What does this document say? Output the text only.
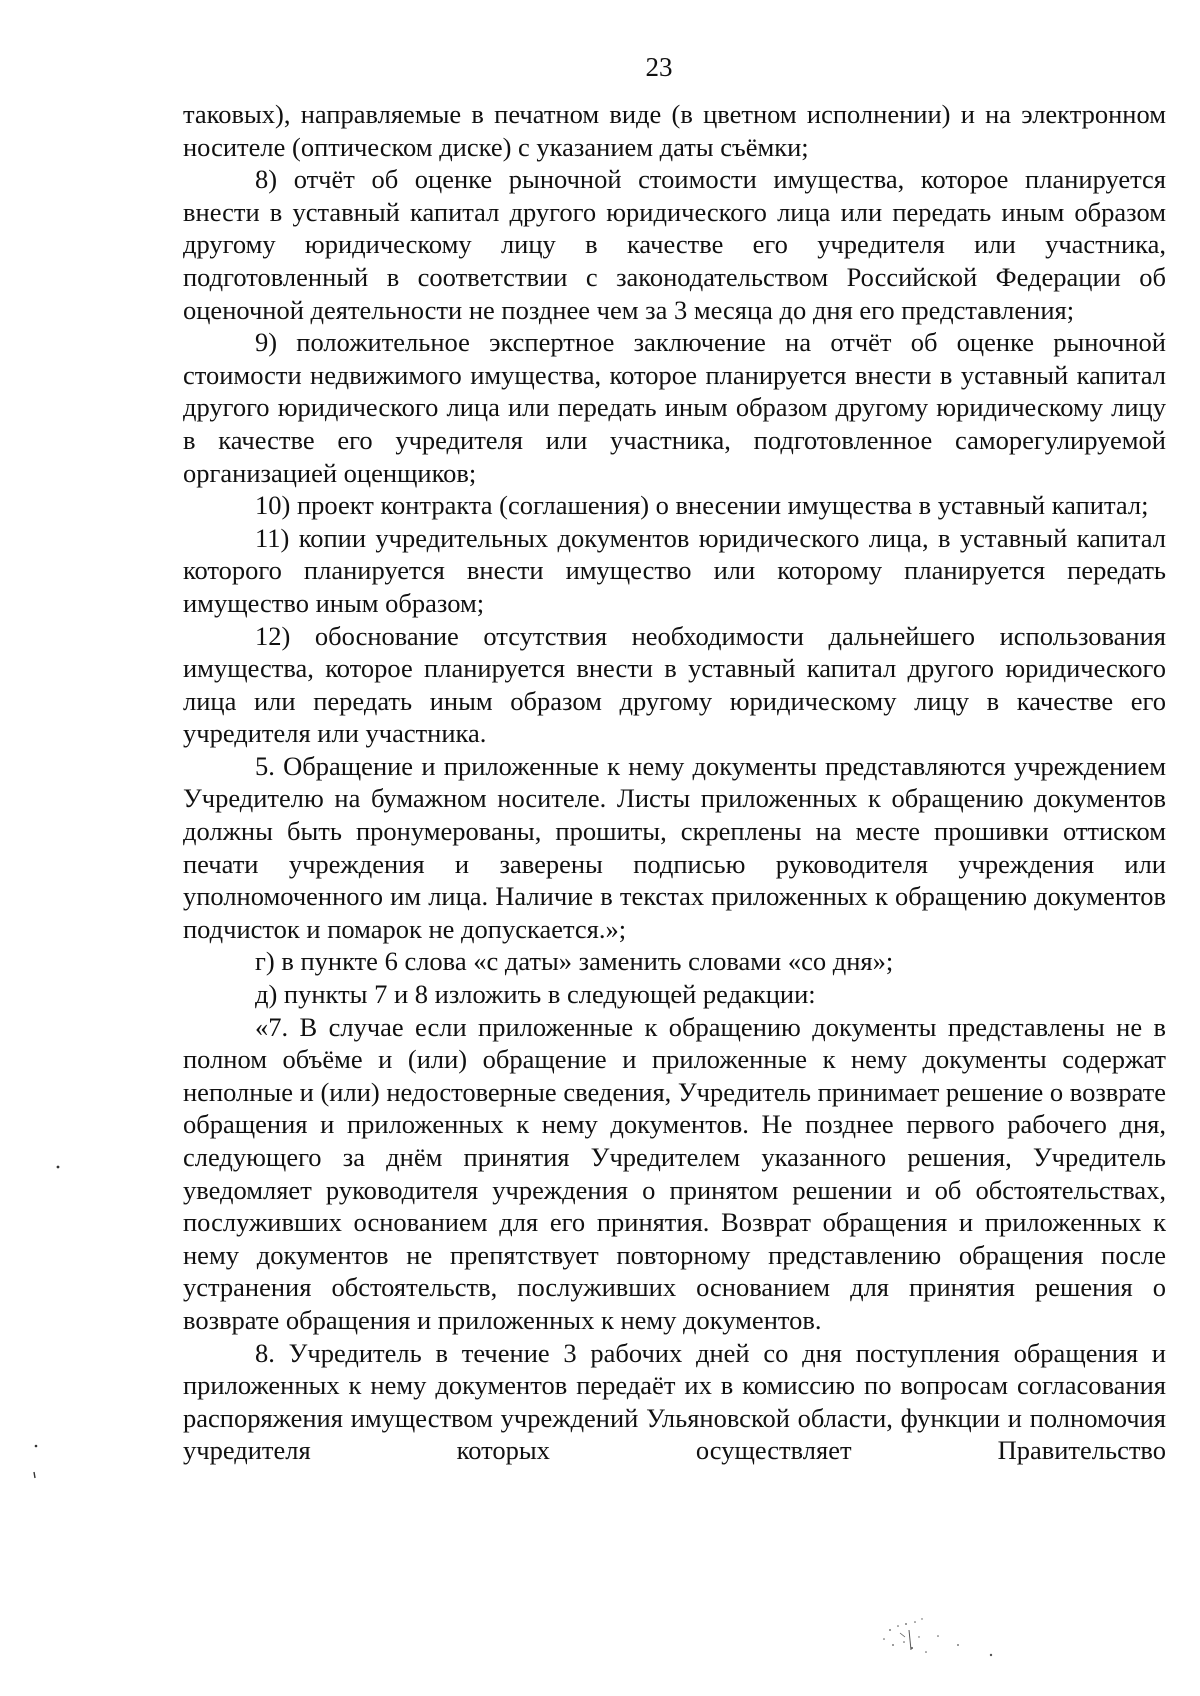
23

таковых), направляемые в печатном виде (в цветном исполнении) и на электронном носителе (оптическом диске) с указанием даты съёмки;

8) отчёт об оценке рыночной стоимости имущества, которое планируется внести в уставный капитал другого юридического лица или передать иным образом другому юридическому лицу в качестве его учредителя или участника, подготовленный в соответствии с законодательством Российской Федерации об оценочной деятельности не позднее чем за 3 месяца до дня его представления;

9) положительное экспертное заключение на отчёт об оценке рыночной стоимости недвижимого имущества, которое планируется внести в уставный капитал другого юридического лица или передать иным образом другому юридическому лицу в качестве его учредителя или участника, подготовленное саморегулируемой организацией оценщиков;

10) проект контракта (соглашения) о внесении имущества в уставный капитал;

11) копии учредительных документов юридического лица, в уставный капитал которого планируется внести имущество или которому планируется передать имущество иным образом;

12) обоснование отсутствия необходимости дальнейшего использования имущества, которое планируется внести в уставный капитал другого юридического лица или передать иным образом другому юридическому лицу в качестве его учредителя или участника.

5. Обращение и приложенные к нему документы представляются учреждением Учредителю на бумажном носителе. Листы приложенных к обращению документов должны быть пронумерованы, прошиты, скреплены на месте прошивки оттиском печати учреждения и заверены подписью руководителя учреждения или уполномоченного им лица. Наличие в текстах приложенных к обращению документов подчисток и помарок не допускается.»;

г) в пункте 6 слова «с даты» заменить словами «со дня»;

д) пункты 7 и 8 изложить в следующей редакции:

«7. В случае если приложенные к обращению документы представлены не в полном объёме и (или) обращение и приложенные к нему документы содержат неполные и (или) недостоверные сведения, Учредитель принимает решение о возврате обращения и приложенных к нему документов. Не позднее первого рабочего дня, следующего за днём принятия Учредителем указанного решения, Учредитель уведомляет руководителя учреждения о принятом решении и об обстоятельствах, послуживших основанием для его принятия. Возврат обращения и приложенных к нему документов не препятствует повторному представлению обращения после устранения обстоятельств, послуживших основанием для принятия решения о возврате обращения и приложенных к нему документов.

8. Учредитель в течение 3 рабочих дней со дня поступления обращения и приложенных к нему документов передаёт их в комиссию по вопросам согласования распоряжения имуществом учреждений Ульяновской области, функции и полномочия учредителя которых осуществляет Правительство
